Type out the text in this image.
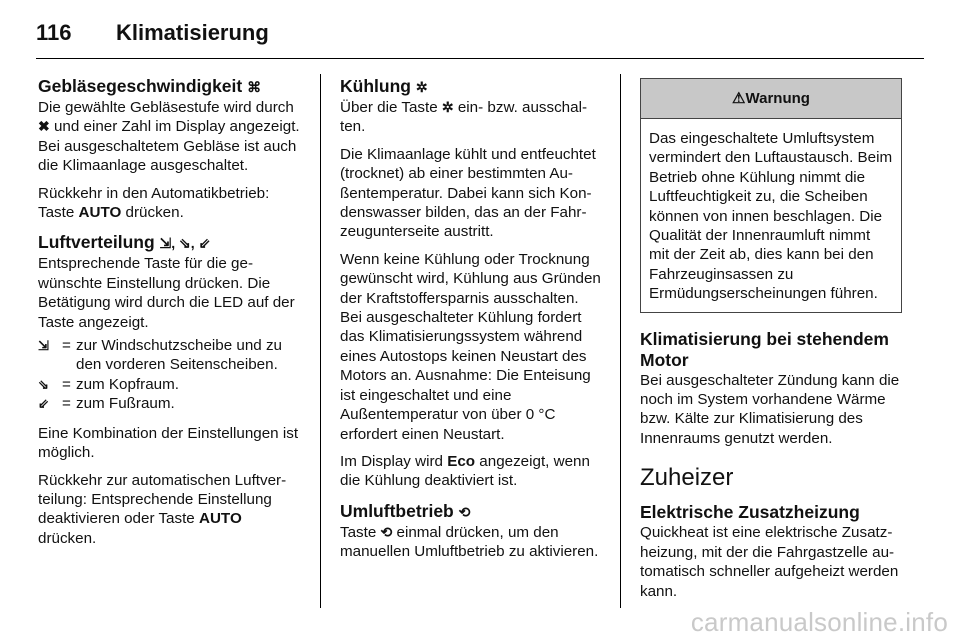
116 Klimatisierung
Gebläsegeschwindigkeit ⌘

Die gewählte Gebläsestufe wird durch ✖ und einer Zahl im Display angezeigt. Bei ausgeschaltetem Gebläse ist auch die Klimaanlage ausgeschaltet.

Rückkehr in den Automatikbetrieb: Taste AUTO drücken.

Luftverteilung ⇲, ⇘, ⇙

Entsprechende Taste für die gewünschte Einstellung drücken. Die Betätigung wird durch die LED auf der Taste angezeigt.

⇲ = zur Windschutzscheibe und zu den vorderen Seitenscheiben.
⇘ = zum Kopfraum.
⇙ = zum Fußraum.

Eine Kombination der Einstellungen ist möglich.

Rückkehr zur automatischen Luftverteilung: Entsprechende Einstellung deaktivieren oder Taste AUTO drücken.

Kühlung ✲

Über die Taste ✲ ein- bzw. ausschalten.

Die Klimaanlage kühlt und entfeuchtet (trocknet) ab einer bestimmten Außentemperatur. Dabei kann sich Kondenswasser bilden, das an der Fahrzeugunterseite austritt.

Wenn keine Kühlung oder Trocknung gewünscht wird, Kühlung aus Gründen der Kraftstoffersparnis ausschalten. Bei ausgeschalteter Kühlung fordert das Klimatisierungssystem während eines Autostops keinen Neustart des Motors an. Ausnahme: Die Enteisung ist eingeschaltet und eine Außentemperatur von über 0 °C erfordert einen Neustart.

Im Display wird Eco angezeigt, wenn die Kühlung deaktiviert ist.

Umluftbetrieb ⟲

Taste ⟲ einmal drücken, um den manuellen Umluftbetrieb zu aktivieren.

⚠Warnung
Das eingeschaltete Umluftsystem vermindert den Luftaustausch. Beim Betrieb ohne Kühlung nimmt die Luftfeuchtigkeit zu, die Scheiben können von innen beschlagen. Die Qualität der Innenraumluft nimmt mit der Zeit ab, dies kann bei den Fahrzeuginsassen zu Ermüdungserscheinungen führen.
Klimatisierung bei stehendem Motor

Bei ausgeschalteter Zündung kann die noch im System vorhandene Wärme bzw. Kälte zur Klimatisierung des Innenraums genutzt werden.

Zuheizer
Elektrische Zusatzheizung

Quickheat ist eine elektrische Zusatzheizung, mit der die Fahrgastzelle automatisch schneller aufgeheizt werden kann.

carmanualsonline.info
